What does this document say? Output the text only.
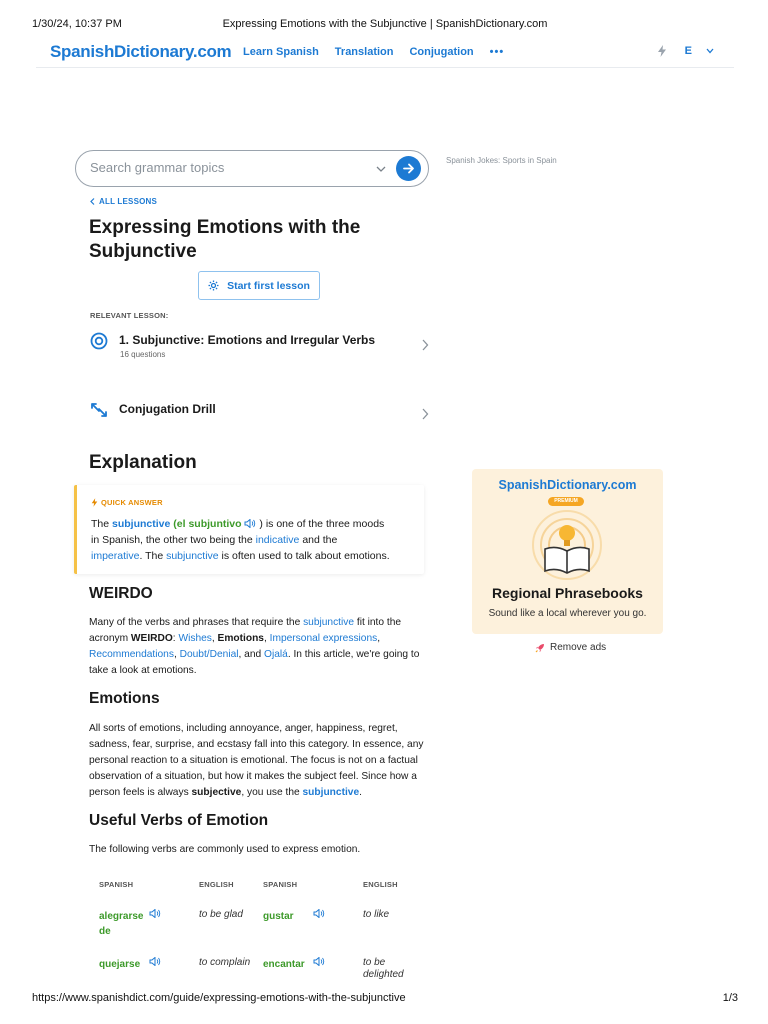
1/30/24, 10:37 PM	Expressing Emotions with the Subjunctive | SpanishDictionary.com
SpanishDictionary.com Learn Spanish Translation Conjugation •••	E
Search grammar topics
Spanish Jokes: Sports in Spain
ALL LESSONS
Expressing Emotions with the Subjunctive
Start first lesson
RELEVANT LESSON:
1. Subjunctive: Emotions and Irregular Verbs
16 questions
Conjugation Drill
Explanation
QUICK ANSWER
The subjunctive (el subjuntivo  ) is one of the three moods in Spanish, the other two being the indicative and the imperative. The subjunctive is often used to talk about emotions.
WEIRDO

Many of the verbs and phrases that require the subjunctive fit into the acronym WEIRDO: Wishes, Emotions, Impersonal expressions, Recommendations, Doubt/Denial, and Ojalá. In this article, we're going to take a look at emotions.

Emotions

All sorts of emotions, including annoyance, anger, happiness, regret, sadness, fear, surprise, and ecstasy fall into this category. In essence, any personal reaction to a situation is emotional. The focus is not on a factual observation of a situation, but how it makes the subject feel. Since how a person feels is always subjective, you use the subjunctive.

Useful Verbs of Emotion

The following verbs are commonly used to express emotion.

SPANISH		ENGLISH	SPANISH		ENGLISH
alegrarse de		to be glad	gustar		to like
quejarse		to complain	encantar		to be delighted
SpanishDictionary.com
PREMIUM
Regional Phrasebooks
Sound like a local wherever you go.
Remove ads
https://www.spanishdict.com/guide/expressing-emotions-with-the-subjunctive	1/3
